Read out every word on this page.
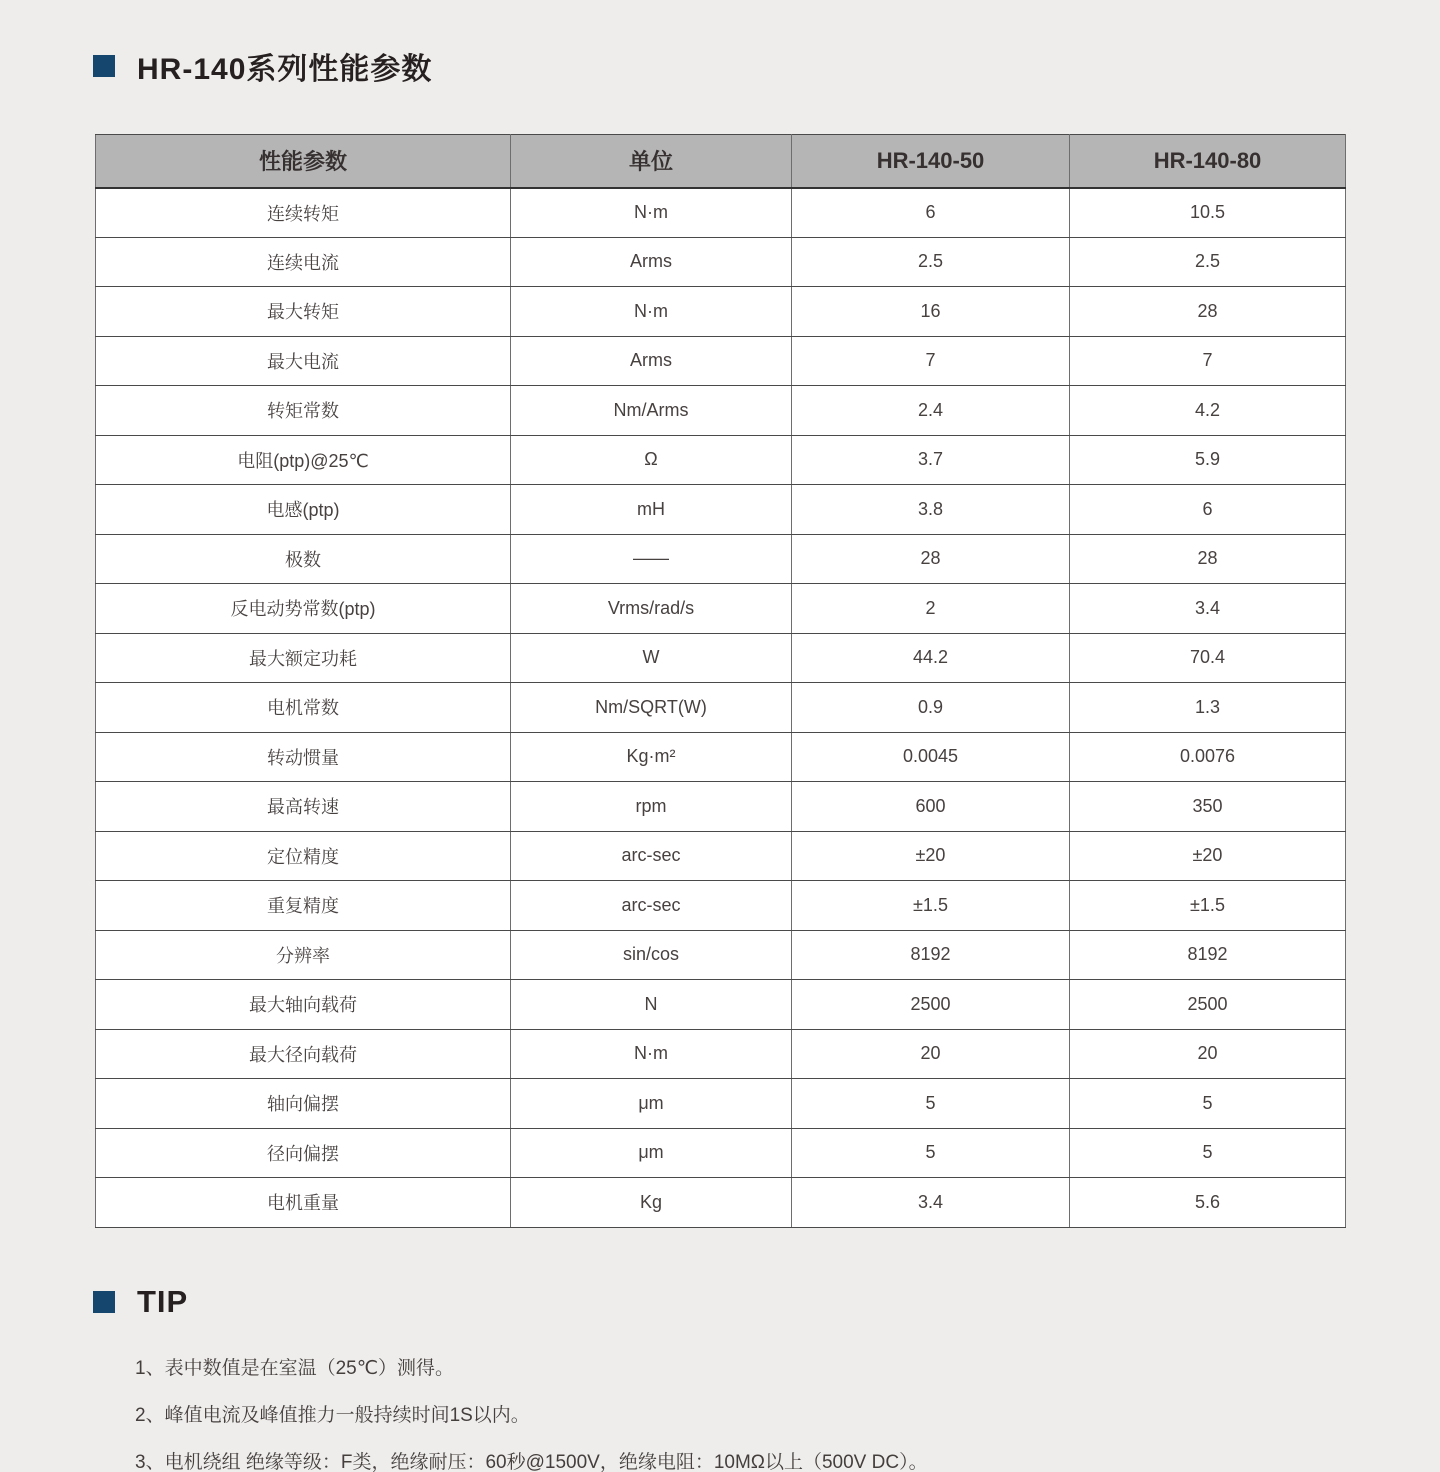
HR-140系列性能参数
性能参数	单位	HR-140-50	HR-140-80
连续转矩	N·m	6	10.5
连续电流	Arms	2.5	2.5
最大转矩	N·m	16	28
最大电流	Arms	7	7
转矩常数	Nm/Arms	2.4	4.2
电阻(ptp)@25℃	Ω	3.7	5.9
电感(ptp)	mH	3.8	6
极数	——	28	28
反电动势常数(ptp)	Vrms/rad/s	2	3.4
最大额定功耗	W	44.2	70.4
电机常数	Nm/SQRT(W)	0.9	1.3
转动惯量	Kg·m²	0.0045	0.0076
最高转速	rpm	600	350
定位精度	arc-sec	±20	±20
重复精度	arc-sec	±1.5	±1.5
分辨率	sin/cos	8192	8192
最大轴向载荷	N	2500	2500
最大径向载荷	N·m	20	20
轴向偏摆	μm	5	5
径向偏摆	μm	5	5
电机重量	Kg	3.4	5.6
TIP
1、表中数值是在室温（25℃）测得。
2、峰值电流及峰值推力一般持续时间1S以内。
3、电机绕组 绝缘等级：F类，绝缘耐压：60秒@1500V，绝缘电阻：10MΩ以上（500V DC）。
